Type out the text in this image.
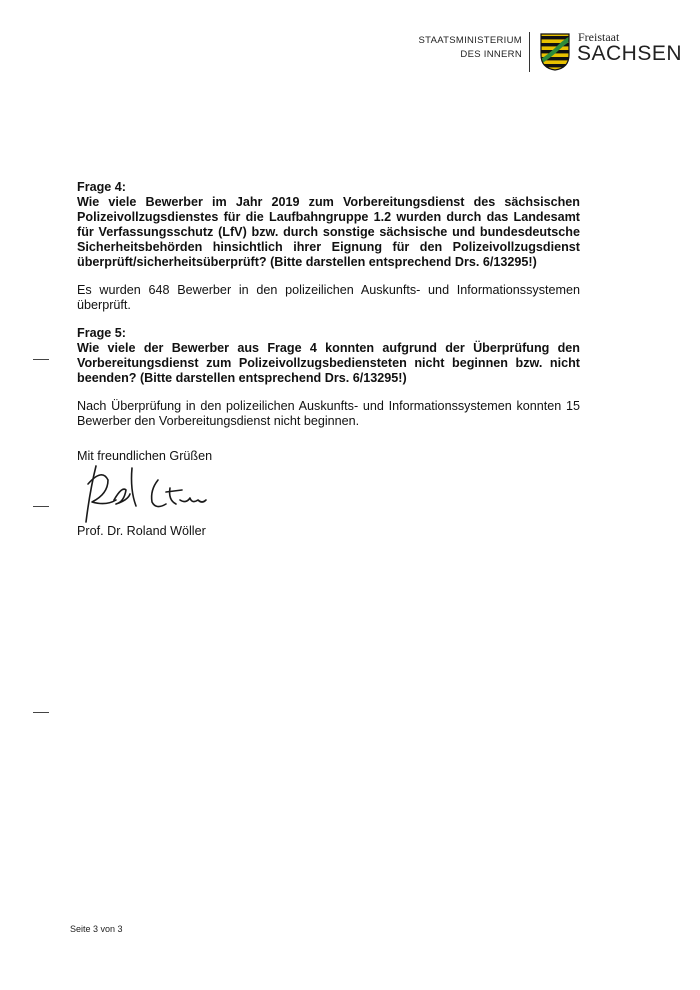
STAATSMINISTERIUM
DES INNERN
Freistaat
SACHSEN
Frage 4:
Wie viele Bewerber im Jahr 2019 zum Vorbereitungsdienst des sächsischen Polizeivollzugsdienstes für die Laufbahngruppe 1.2 wurden durch das Landesamt für Verfassungsschutz (LfV) bzw. durch sonstige sächsische und bundesdeutsche Sicherheitsbehörden hinsichtlich ihrer Eignung für den Polizeivollzugsdienst überprüft/sicherheitsüberprüft? (Bitte darstellen entsprechend Drs. 6/13295!)
Es wurden 648 Bewerber in den polizeilichen Auskunfts- und Informationssystemen überprüft.
Frage 5:
Wie viele der Bewerber aus Frage 4 konnten aufgrund der Überprüfung den Vorbereitungsdienst zum Polizeivollzugsbediensteten nicht beginnen bzw. nicht beenden? (Bitte darstellen entsprechend Drs. 6/13295!)
Nach Überprüfung in den polizeilichen Auskunfts- und Informationssystemen konnten 15 Bewerber den Vorbereitungsdienst nicht beginnen.
Mit freundlichen Grüßen
Prof. Dr. Roland Wöller
Seite 3 von 3
